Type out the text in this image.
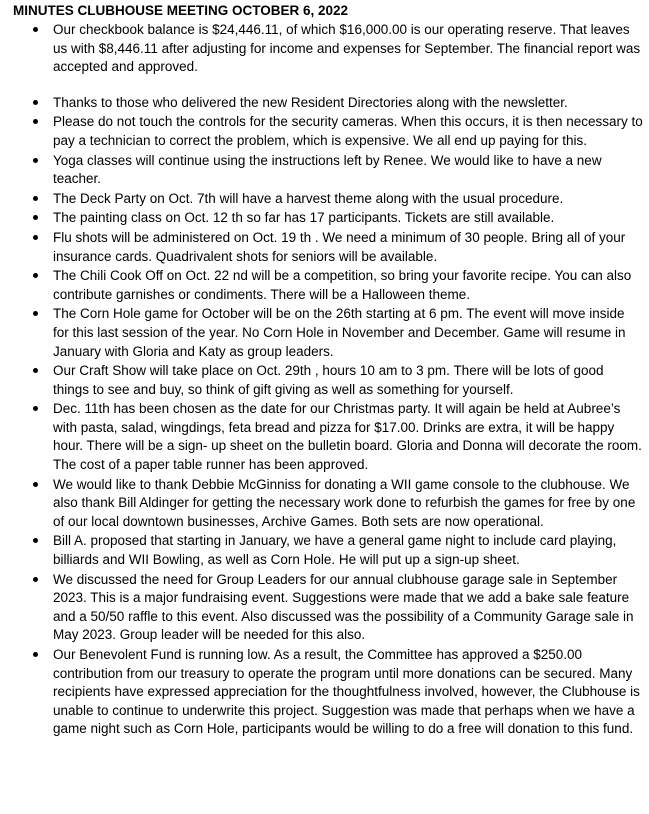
MINUTES CLUBHOUSE MEETING OCTOBER 6, 2022
Our checkbook balance is $24,446.11, of which $16,000.00 is our operating reserve. That leaves us with $8,446.11 after adjusting for income and expenses for September. The financial report was accepted and approved.
Thanks to those who delivered the new Resident Directories along with the newsletter.
Please do not touch the controls for the security cameras. When this occurs, it is then necessary to pay a technician to correct the problem, which is expensive. We all end up paying for this.
Yoga classes will continue using the instructions left by Renee. We would like to have a new teacher.
The Deck Party on Oct. 7th will have a harvest theme along with the usual procedure.
The painting class on Oct. 12 th so far has 17 participants. Tickets are still available.
Flu shots will be administered on Oct. 19 th . We need a minimum of 30 people. Bring all of your insurance cards. Quadrivalent shots for seniors will be available.
The Chili Cook Off on Oct. 22 nd will be a competition, so bring your favorite recipe. You can also contribute garnishes or condiments. There will be a Halloween theme.
The Corn Hole game for October will be on the 26th starting at 6 pm. The event will move inside for this last session of the year. No Corn Hole in November and December. Game will resume in January with Gloria and Katy as group leaders.
Our Craft Show will take place on Oct. 29th , hours 10 am to 3 pm. There will be lots of good things to see and buy, so think of gift giving as well as something for yourself.
Dec. 11th has been chosen as the date for our Christmas party. It will again be held at Aubree’s with pasta, salad, wingdings, feta bread and pizza for $17.00. Drinks are extra, it will be happy hour. There will be a sign- up sheet on the bulletin board. Gloria and Donna will decorate the room. The cost of a paper table runner has been approved.
We would like to thank Debbie McGinniss for donating a WII game console to the clubhouse. We also thank Bill Aldinger for getting the necessary work done to refurbish the games for free by one of our local downtown businesses, Archive Games. Both sets are now operational.
Bill A. proposed that starting in January, we have a general game night to include card playing, billiards and WII Bowling, as well as Corn Hole. He will put up a sign-up sheet.
We discussed the need for Group Leaders for our annual clubhouse garage sale in September 2023. This is a major fundraising event. Suggestions were made that we add a bake sale feature and a 50/50 raffle to this event. Also discussed was the possibility of a Community Garage sale in May 2023. Group leader will be needed for this also.
Our Benevolent Fund is running low. As a result, the Committee has approved a $250.00 contribution from our treasury to operate the program until more donations can be secured. Many recipients have expressed appreciation for the thoughtfulness involved, however, the Clubhouse is unable to continue to underwrite this project. Suggestion was made that perhaps when we have a game night such as Corn Hole, participants would be willing to do a free will donation to this fund.
